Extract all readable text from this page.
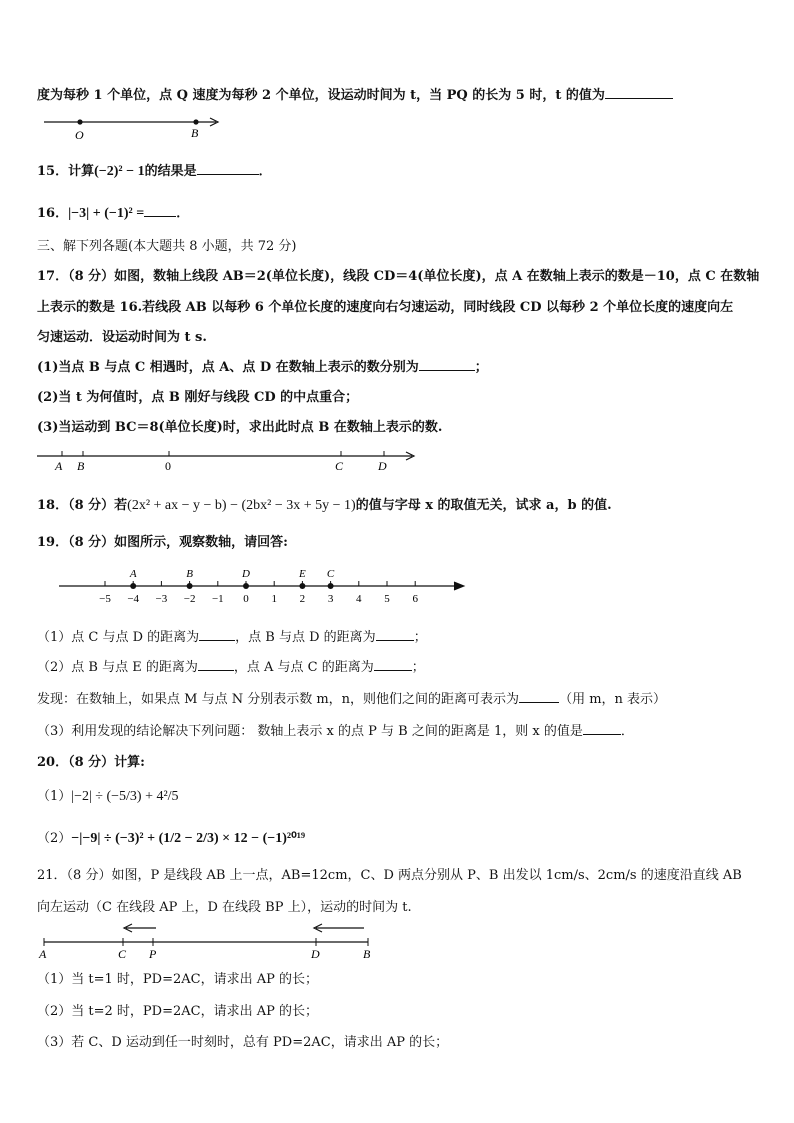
度为每秒 1 个单位，点 Q 速度为每秒 2 个单位，设运动时间为 t，当 PQ 的长为 5 时，t 的值为
O	B
15．计算(−2)² − 1的结果是	．
16．|−3| + (−1)² = ．
三、解下列各题(本大题共 8 小题，共 72 分)
17．（8 分）如图，数轴上线段 AB＝2(单位长度)，线段 CD＝4(单位长度)，点 A 在数轴上表示的数是－10，点 C 在数轴
上表示的数是 16.若线段 AB 以每秒 6 个单位长度的速度向右匀速运动，同时线段 CD 以每秒 2 个单位长度的速度向左
匀速运动．设运动时间为 t s.
(1)当点 B 与点 C 相遇时，点 A、点 D 在数轴上表示的数分别为	；
(2)当 t 为何值时，点 B 刚好与线段 CD 的中点重合；
(3)当运动到 BC＝8(单位长度)时，求出此时点 B 在数轴上表示的数.
A B	0	C	D
18．（8 分）若(2x² + ax − y − b) − (2bx² − 3x + 5y − 1)的值与字母 x 的取值无关，试求 a，b 的值.
19．（8 分）如图所示，观察数轴，请回答:
−5 −4 −3 −2 −1 0 1 2 3 4 5 6
A	B	D	E C
（1）点 C 与点 D 的距离为	，点 B 与点 D 的距离为	；
（2）点 B 与点 E 的距离为	，点 A 与点 C 的距离为	；
发现：在数轴上，如果点 M 与点 N 分别表示数 m，n，则他们之间的距离可表示为	（用 m，n 表示）
（3）利用发现的结论解决下列问题： 数轴上表示 x 的点 P 与 B 之间的距离是 1，则 x 的值是	．
20．（8 分）计算:
（1）|−2| ÷ (−5/3) + 4²/5
（2）−|−9| ÷ (−3)² + (1/2 − 2/3) × 12 − (−1)²⁰¹⁹
21．（8 分）如图，P 是线段 AB 上一点，AB=12cm，C、D 两点分别从 P、B 出发以 1cm/s、2cm/s 的速度沿直线 AB
向左运动（C 在线段 AP 上，D 在线段 BP 上），运动的时间为 t.
A	C P	D	B
（1）当 t=1 时，PD=2AC，请求出 AP 的长；
（2）当 t=2 时，PD=2AC，请求出 AP 的长；
（3）若 C、D 运动到任一时刻时，总有 PD=2AC，请求出 AP 的长；
